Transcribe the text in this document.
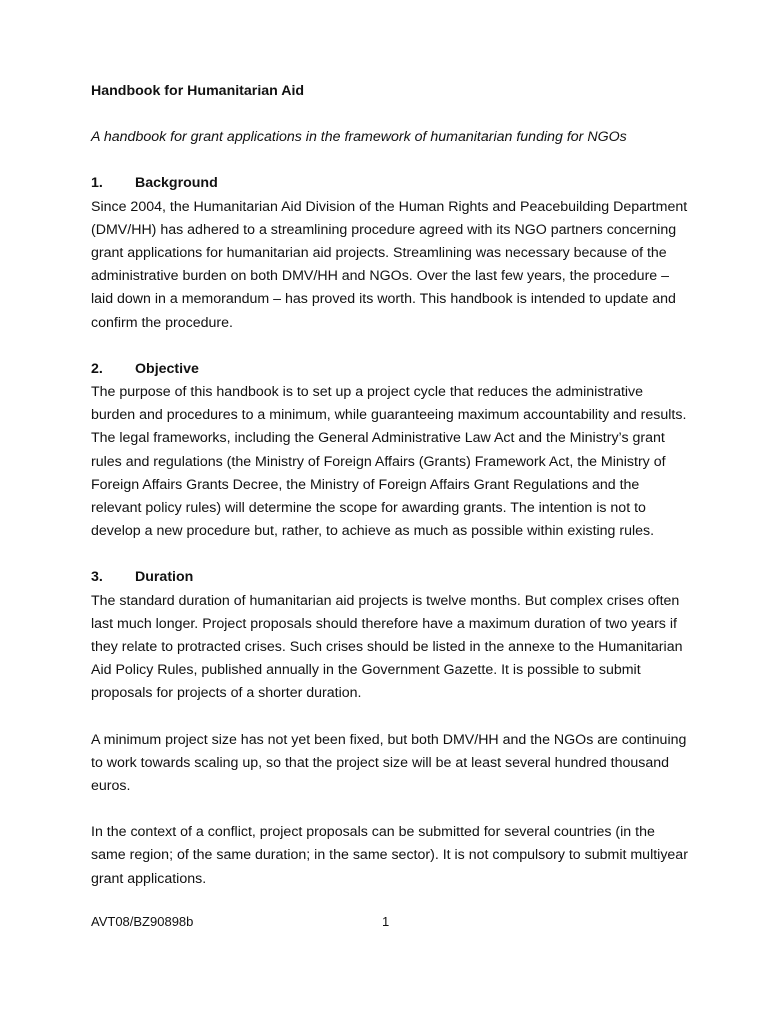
Handbook for Humanitarian Aid
A handbook for grant applications in the framework of humanitarian funding for NGOs
1. Background

Since 2004, the Humanitarian Aid Division of the Human Rights and Peacebuilding Department (DMV/HH) has adhered to a streamlining procedure agreed with its NGO partners concerning grant applications for humanitarian aid projects. Streamlining was necessary because of the administrative burden on both DMV/HH and NGOs. Over the last few years, the procedure – laid down in a memorandum – has proved its worth. This handbook is intended to update and confirm the procedure.

2. Objective

The purpose of this handbook is to set up a project cycle that reduces the administrative burden and procedures to a minimum, while guaranteeing maximum accountability and results. The legal frameworks, including the General Administrative Law Act and the Ministry’s grant rules and regulations (the Ministry of Foreign Affairs (Grants) Framework Act, the Ministry of Foreign Affairs Grants Decree, the Ministry of Foreign Affairs Grant Regulations and the relevant policy rules) will determine the scope for awarding grants. The intention is not to develop a new procedure but, rather, to achieve as much as possible within existing rules.

3. Duration

The standard duration of humanitarian aid projects is twelve months. But complex crises often last much longer. Project proposals should therefore have a maximum duration of two years if they relate to protracted crises. Such crises should be listed in the annexe to the Humanitarian Aid Policy Rules, published annually in the Government Gazette. It is possible to submit proposals for projects of a shorter duration.

A minimum project size has not yet been fixed, but both DMV/HH and the NGOs are continuing to work towards scaling up, so that the project size will be at least several hundred thousand euros.

In the context of a conflict, project proposals can be submitted for several countries (in the same region; of the same duration; in the same sector). It is not compulsory to submit multiyear grant applications.

AVT08/BZ90898b	1
